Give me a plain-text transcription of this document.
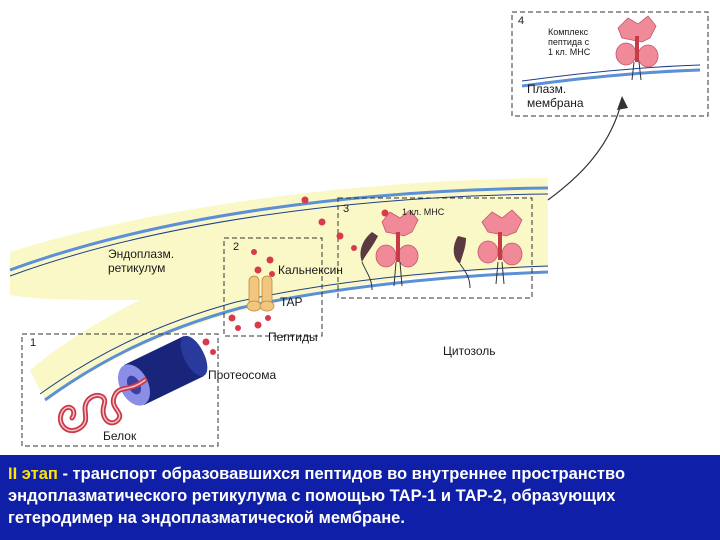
1
2
3
4
Комплекс
пептида с
1 кл. МНС
Плазм.
мембрана
1 кл. МНС
Эндоплазм.
ретикулум	Кальнексин
TAP
Пептиды
Цитозоль
Протеосома
Белок

II этап - транспорт образовавшихся пептидов во внутреннее пространство эндоплазматического ретикулума с помощью ТАР-1 и ТАР-2, образующих гетеродимер на эндоплазматической мембране.
